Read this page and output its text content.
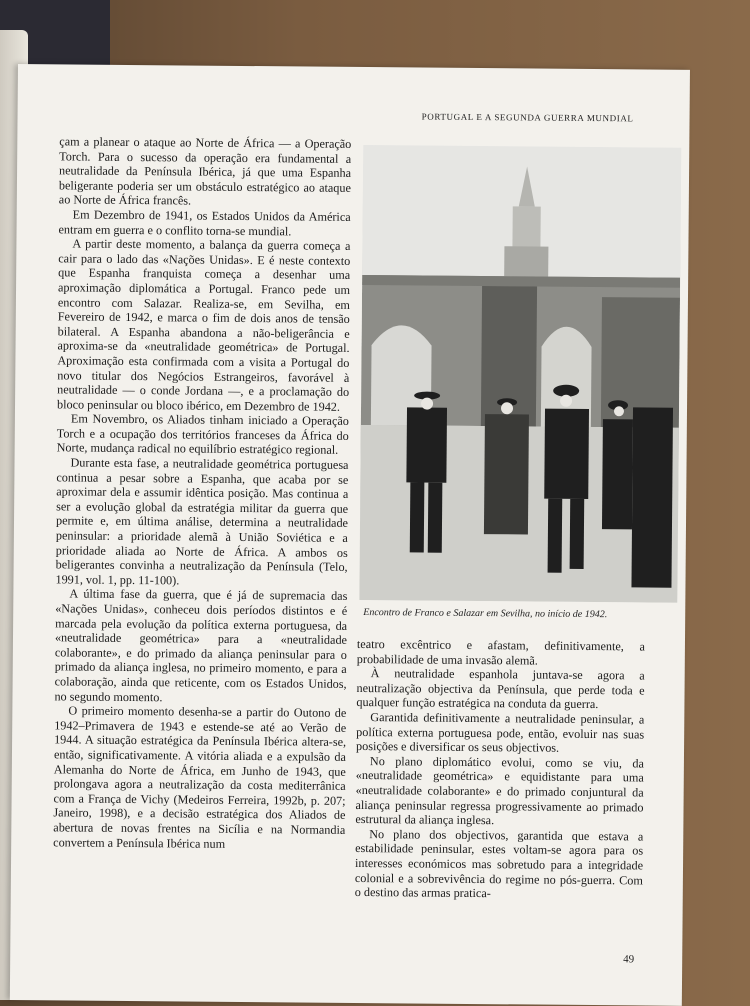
PORTUGAL E A SEGUNDA GUERRA MUNDIAL

çam a planear o ataque ao Norte de África — a Operação Torch. Para o sucesso da operação era fundamental a neutralidade da Península Ibérica, já que uma Espanha beligerante poderia ser um obstáculo estratégico ao ataque ao Norte de África francês.

Em Dezembro de 1941, os Estados Unidos da América entram em guerra e o conflito torna-se mundial.

A partir deste momento, a balança da guerra começa a cair para o lado das «Nações Unidas». E é neste contexto que Espanha franquista começa a desenhar uma aproximação diplomática a Portugal. Franco pede um encontro com Salazar. Realiza-se, em Sevilha, em Fevereiro de 1942, e marca o fim de dois anos de tensão bilateral. A Espanha abandona a não-beligerância e aproxima-se da «neutralidade geométrica» de Portugal. Aproximação esta confirmada com a visita a Portugal do novo titular dos Negócios Estrangeiros, favorável à neutralidade — o conde Jordana —, e a proclamação do bloco peninsular ou bloco ibérico, em Dezembro de 1942.

Em Novembro, os Aliados tinham iniciado a Operação Torch e a ocupação dos territórios franceses da África do Norte, mudança radical no equilíbrio estratégico regional.

Durante esta fase, a neutralidade geométrica portuguesa continua a pesar sobre a Espanha, que acaba por se aproximar dela e assumir idêntica posição. Mas continua a ser a evolução global da estratégia militar da guerra que permite e, em última análise, determina a neutralidade peninsular: a prioridade alemã à União Soviética e a prioridade aliada ao Norte de África. A ambos os beligerantes convinha a neutralização da Península (Telo, 1991, vol. 1, pp. 11-100).

A última fase da guerra, que é já de supremacia das «Nações Unidas», conheceu dois períodos distintos e é marcada pela evolução da política externa portuguesa, da «neutralidade geométrica» para a «neutralidade colaborante», e do primado da aliança peninsular para o primado da aliança inglesa, no primeiro momento, e para a colaboração, ainda que reticente, com os Estados Unidos, no segundo momento.

O primeiro momento desenha-se a partir do Outono de 1942–Primavera de 1943 e estende-se até ao Verão de 1944. A situação estratégica da Península Ibérica altera-se, então, significativamente. A vitória aliada e a expulsão da Alemanha do Norte de África, em Junho de 1943, que prolongava agora a neutralização da costa mediterrânica com a França de Vichy (Medeiros Ferreira, 1992b, p. 207; Janeiro, 1998), e a decisão estratégica dos Aliados de abertura de novas frentes na Sicília e na Normandia convertem a Península Ibérica num

Encontro de Franco e Salazar em Sevilha, no início de 1942.

teatro excêntrico e afastam, definitivamente, a probabilidade de uma invasão alemã.

À neutralidade espanhola juntava-se agora a neutralização objectiva da Península, que perde toda e qualquer função estratégica na conduta da guerra.

Garantida definitivamente a neutralidade peninsular, a política externa portuguesa pode, então, evoluir nas suas posições e diversificar os seus objectivos.

No plano diplomático evolui, como se viu, da «neutralidade geométrica» e equidistante para uma «neutralidade colaborante» e do primado conjuntural da aliança peninsular regressa progressivamente ao primado estrutural da aliança inglesa.

No plano dos objectivos, garantida que estava a estabilidade peninsular, estes voltam-se agora para os interesses económicos mas sobretudo para a integridade colonial e a sobrevivência do regime no pós-guerra. Com o destino das armas pratica-

49
